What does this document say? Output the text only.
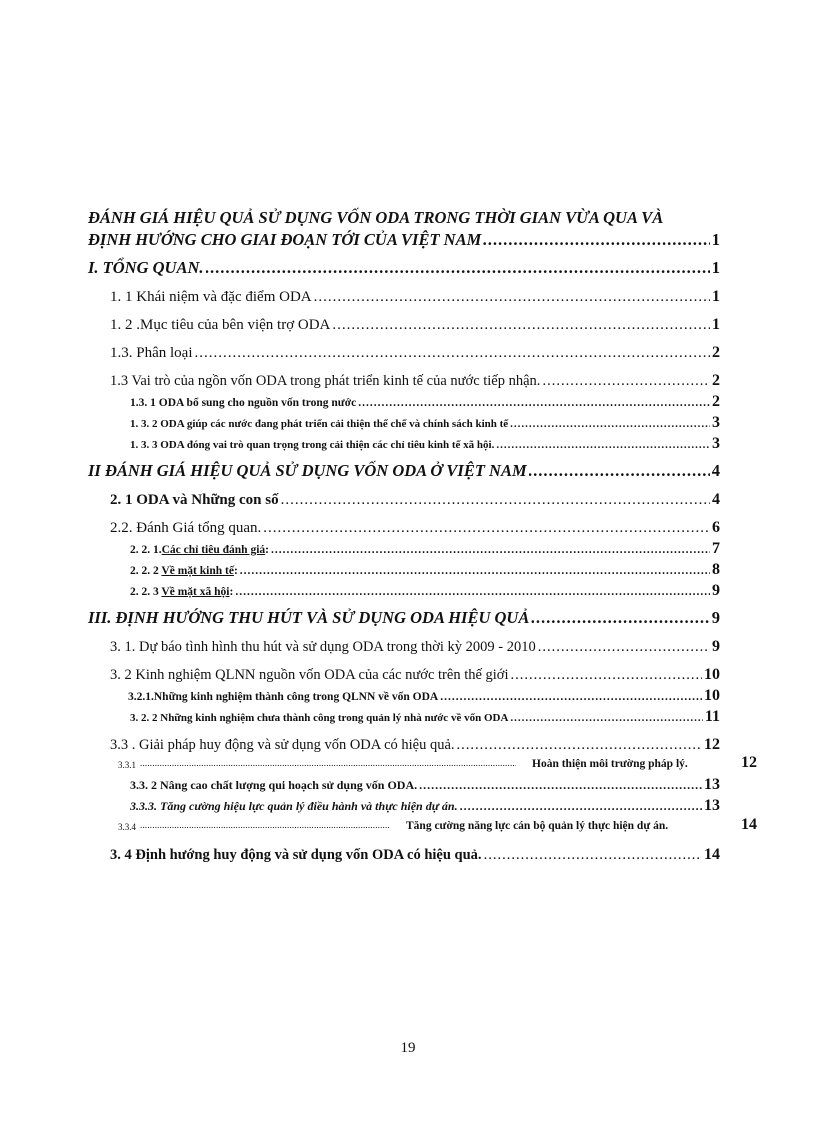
ĐÁNH GIÁ HIỆU QUẢ SỬ DỤNG VỐN ODA TRONG THỜI GIAN VỪA QUA VÀ
ĐỊNH HƯỚNG CHO GIAI ĐOẠN TỚI CỦA VIỆT NAM .....	1
I. TỔNG QUAN. .....	1
1. 1 Khái niệm và đặc điểm ODA .....	1
1. 2 .Mục tiêu của bên viện trợ ODA .....	1
1.3. Phân loại .....	2
1.3 Vai trò của ngồn vốn ODA trong phát triển kinh tế của nước tiếp nhận. .....	2
1.3. 1 ODA bổ sung cho nguồn vốn trong nước .....	2
1. 3. 2 ODA giúp các nước đang phát triển cải thiện thể chế và chính sách kinh tế .....	3
1. 3. 3 ODA đóng vai trò quan trọng trong cải thiện các chỉ tiêu kinh tế xã hội. .....	3
II ĐÁNH GIÁ HIỆU QUẢ SỬ DỤNG VỐN ODA Ở VIỆT NAM .....	4
2. 1 ODA và Những con số .....	4
2.2. Đánh Giá tổng quan. .....	6
2. 2. 1.Các chỉ tiêu đánh giá: .....	7
2. 2. 2 Về mặt kinh tế: .....	8
2. 2. 3 Về mặt xã hội: .....	9
III. ĐỊNH HƯỚNG THU HÚT VÀ SỬ DỤNG ODA HIỆU QUẢ .....	9
3. 1. Dự báo tình hình thu hút và sử dụng ODA trong thời kỳ 2009 - 2010 .....	9
3. 2 Kinh nghiệm QLNN nguồn vốn ODA của các nước trên thế giới .....	10
3.2.1.Những kinh nghiệm thành công trong QLNN về vốn ODA .....	10
3. 2. 2 Những kinh nghiệm chưa thành công trong quản lý nhà nước về vốn ODA .....	11
3.3 . Giải pháp huy động và sử dụng vốn ODA có hiệu quả. .....	12
3.3.1 .....	Hoàn thiện môi trường pháp lý.	12
3.3. 2 Nâng cao chất lượng qui hoạch sử dụng vốn ODA. .....	13
3.3.3. Tăng cường hiệu lực quản lý điều hành và thực hiện dự án. .....	13
3.3.4 .....	Tăng cường năng lực cán bộ quản lý thực hiện dự án.	14
3. 4 Định hướng huy động và sử dụng vốn ODA có hiệu quả. .....	14
19
